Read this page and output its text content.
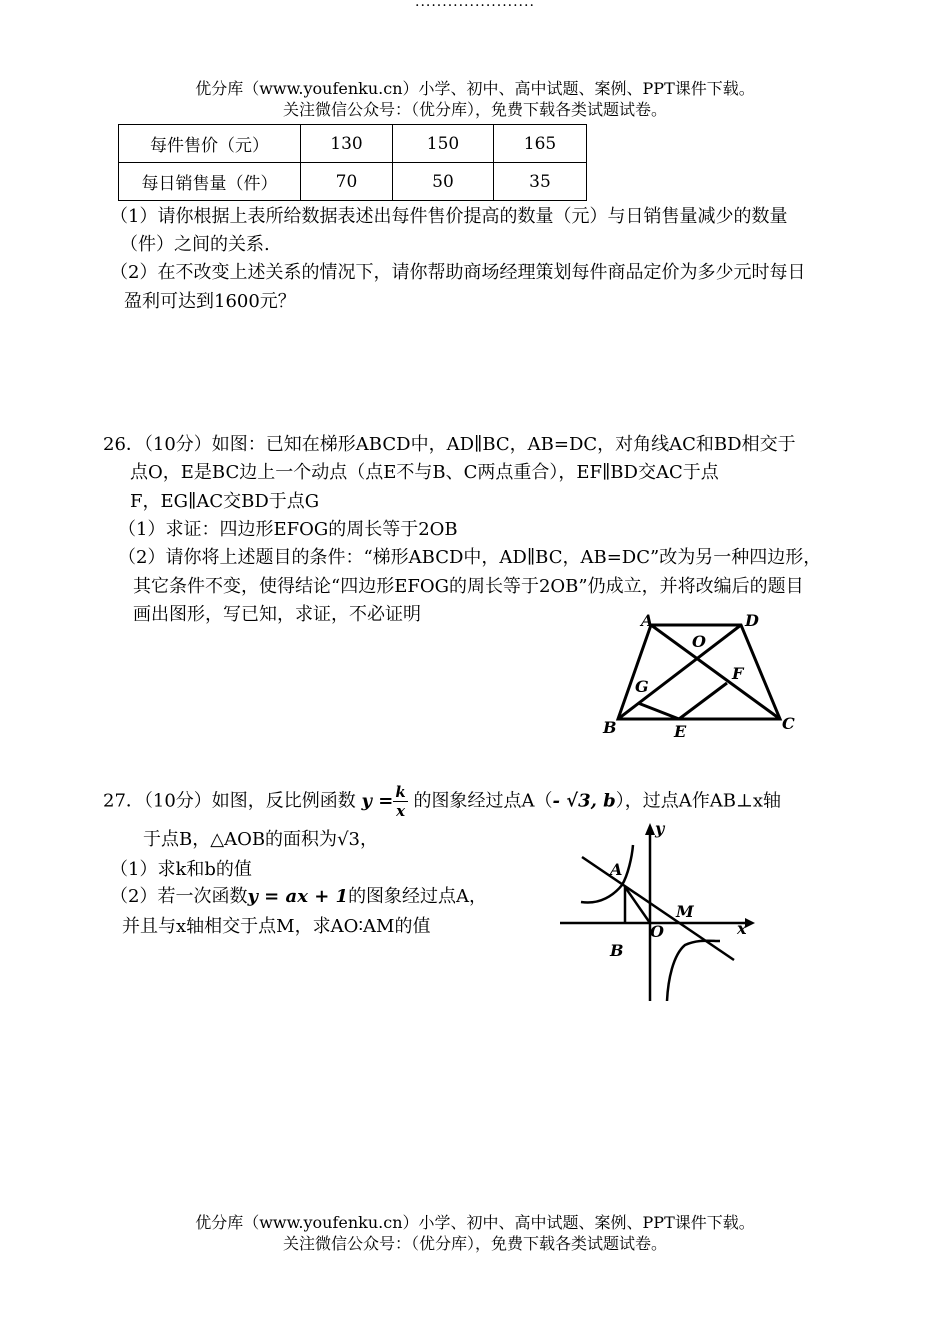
......................
优分库（www.youfenku.cn）小学、初中、高中试题、案例、PPT课件下载。
关注微信公众号：（优分库），免费下载各类试题试卷。
每件售价（元）	130	150	165
每日销售量（件）	70	50	35
（1）请你根据上表所给数据表述出每件售价提高的数量（元）与日销售量减少的数量
（件）之间的关系.
（2）在不改变上述关系的情况下，请你帮助商场经理策划每件商品定价为多少元时每日
盈利可达到1600元？
26．（10分）如图：已知在梯形ABCD中，AD∥BC，AB=DC，对角线AC和BD相交于
点O，E是BC边上一个动点（点E不与B、C两点重合），EF∥BD交AC于点
F，EG∥AC交BD于点G
（1）求证：四边形EFOG的周长等于2OB
（2）请你将上述题目的条件：“梯形ABCD中，AD∥BC，AB=DC”改为另一种四边形，
其它条件不变，使得结论“四边形EFOG的周长等于2OB”仍成立，并将改编后的题目
画出图形，写已知，求证，不必证明	A	D
O
G
F
B	E	C
27．（10分）如图，反比例函数 $y = \frac{k}{x}$ 的图象经过点A（- √3, b），过点A作AB⊥x轴
于点B，△AOB的面积为√3，
（1）求k和b的值
（2）若一次函数y = ax + 1的图象经过点A，
并且与x轴相交于点M，求AO∶AM的值
y
x
A
M
O
B
优分库（www.youfenku.cn）小学、初中、高中试题、案例、PPT课件下载。
关注微信公众号：（优分库），免费下载各类试题试卷。
